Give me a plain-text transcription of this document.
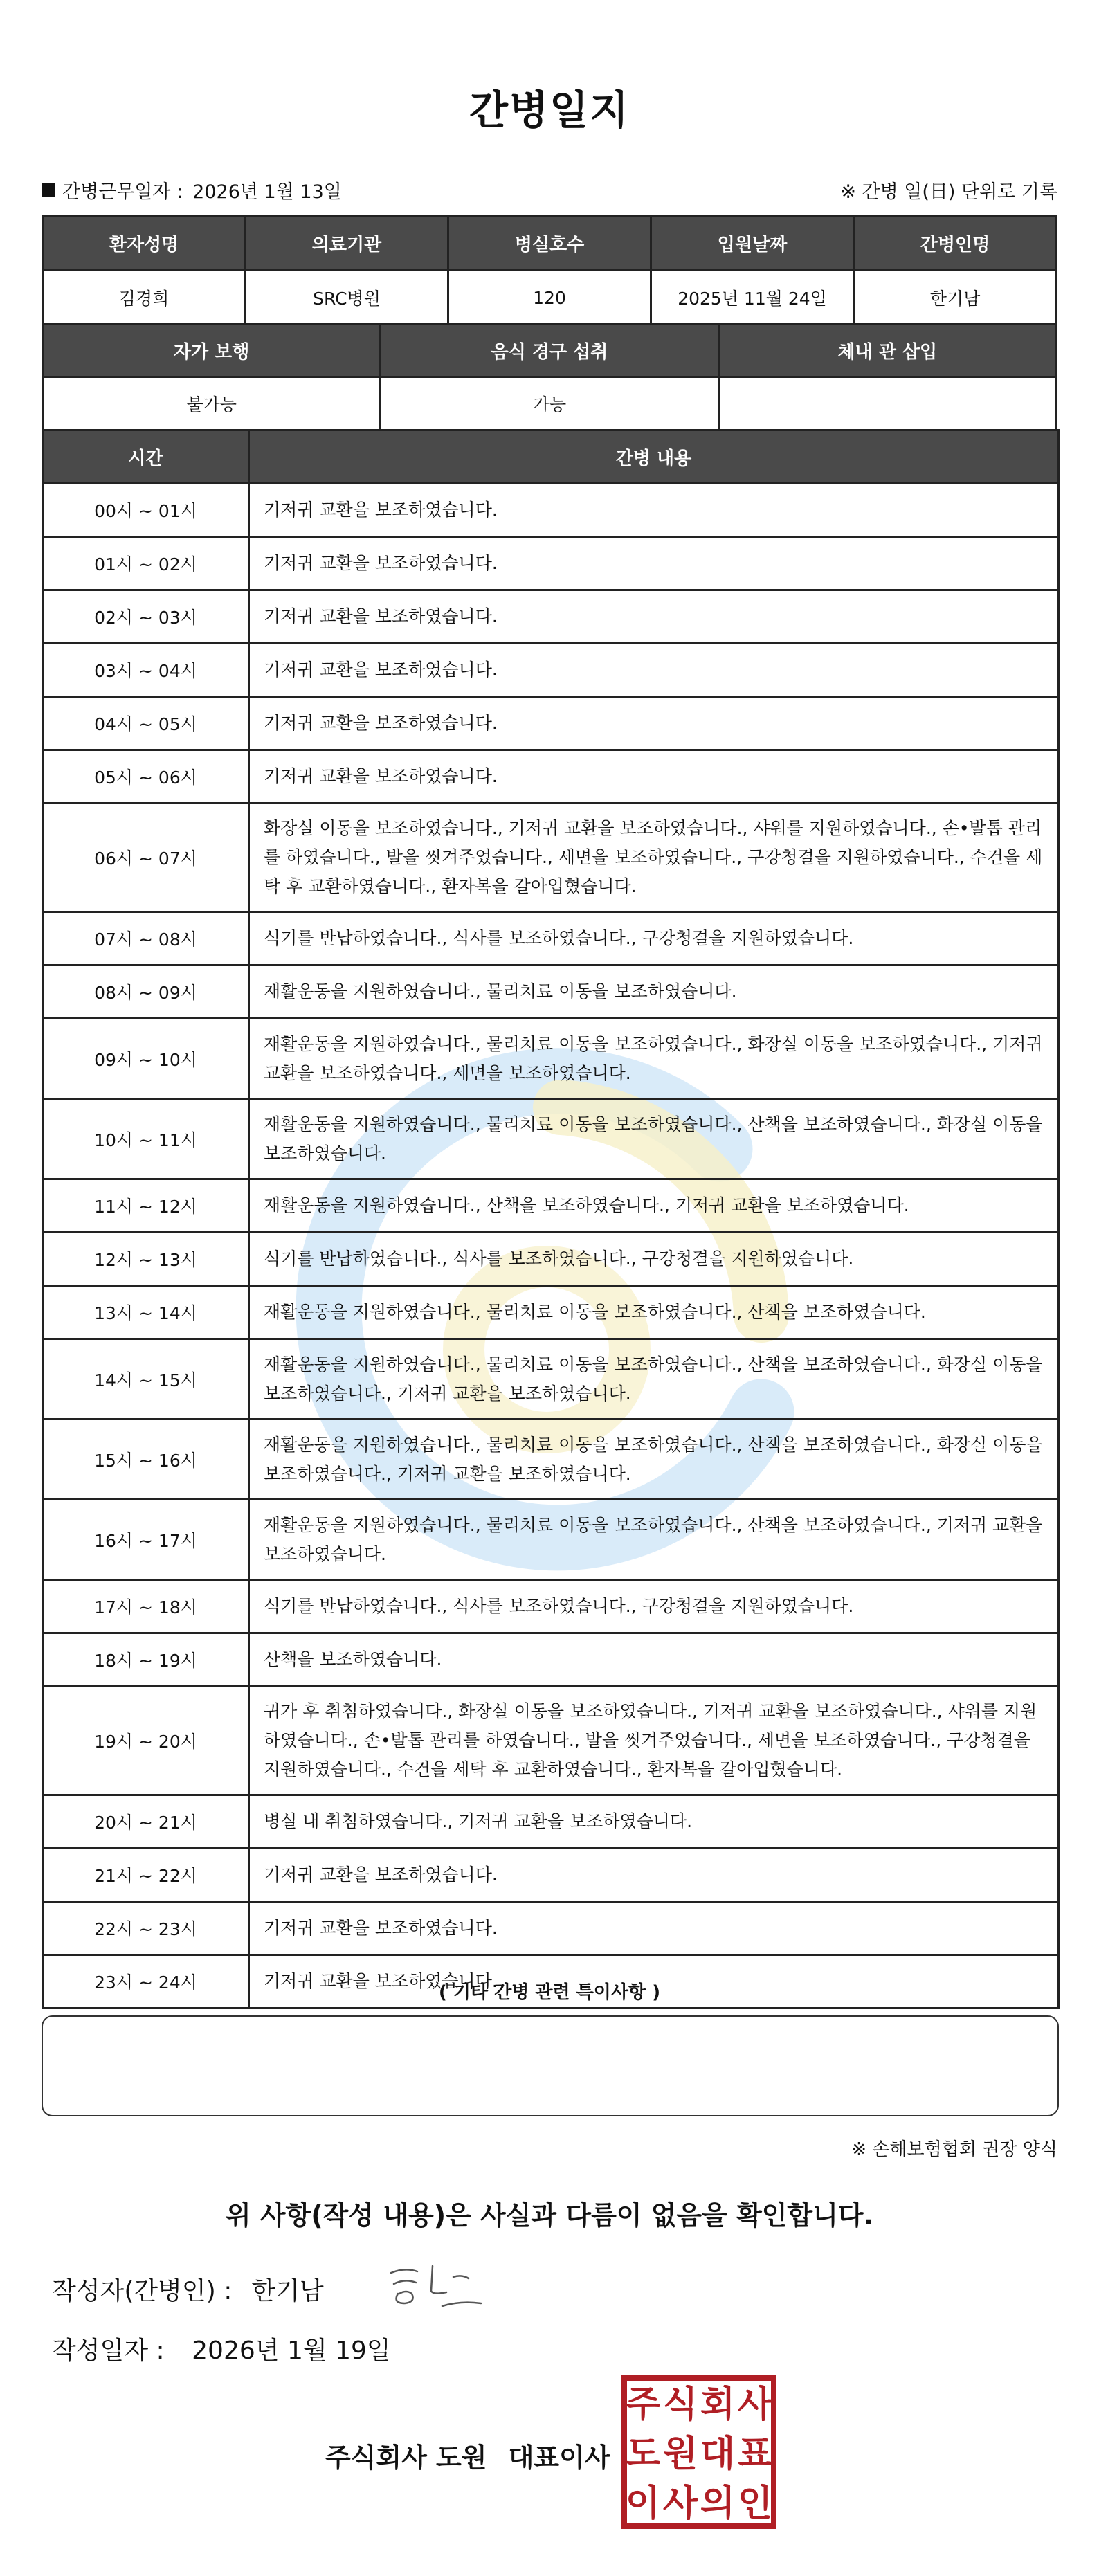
간병일지
간병근무일자 : 2026년 1월 13일	※ 간병 일(日) 단위로 기록
환자성명	의료기관	병실호수	입원날짜	간병인명
김경희	SRC병원	120	2025년 11월 24일	한기남
자가 보행	음식 경구 섭취	체내 관 삽입
불가능	가능	
시간	간병 내용
00시 ~ 01시	기저귀 교환을 보조하였습니다.
01시 ~ 02시	기저귀 교환을 보조하였습니다.
02시 ~ 03시	기저귀 교환을 보조하였습니다.
03시 ~ 04시	기저귀 교환을 보조하였습니다.
04시 ~ 05시	기저귀 교환을 보조하였습니다.
05시 ~ 06시	기저귀 교환을 보조하였습니다.
06시 ~ 07시	화장실 이동을 보조하였습니다., 기저귀 교환을 보조하였습니다., 샤워를 지원하였습니다., 손•발톱 관리를 하였습니다., 발을 씻겨주었습니다., 세면을 보조하였습니다., 구강청결을 지원하였습니다., 수건을 세탁 후 교환하였습니다., 환자복을 갈아입혔습니다.
07시 ~ 08시	식기를 반납하였습니다., 식사를 보조하였습니다., 구강청결을 지원하였습니다.
08시 ~ 09시	재활운동을 지원하였습니다., 물리치료 이동을 보조하였습니다.
09시 ~ 10시	재활운동을 지원하였습니다., 물리치료 이동을 보조하였습니다., 화장실 이동을 보조하였습니다., 기저귀 교환을 보조하였습니다., 세면을 보조하였습니다.
10시 ~ 11시	재활운동을 지원하였습니다., 물리치료 이동을 보조하였습니다., 산책을 보조하였습니다., 화장실 이동을 보조하였습니다.
11시 ~ 12시	재활운동을 지원하였습니다., 산책을 보조하였습니다., 기저귀 교환을 보조하였습니다.
12시 ~ 13시	식기를 반납하였습니다., 식사를 보조하였습니다., 구강청결을 지원하였습니다.
13시 ~ 14시	재활운동을 지원하였습니다., 물리치료 이동을 보조하였습니다., 산책을 보조하였습니다.
14시 ~ 15시	재활운동을 지원하였습니다., 물리치료 이동을 보조하였습니다., 산책을 보조하였습니다., 화장실 이동을 보조하였습니다., 기저귀 교환을 보조하였습니다.
15시 ~ 16시	재활운동을 지원하였습니다., 물리치료 이동을 보조하였습니다., 산책을 보조하였습니다., 화장실 이동을 보조하였습니다., 기저귀 교환을 보조하였습니다.
16시 ~ 17시	재활운동을 지원하였습니다., 물리치료 이동을 보조하였습니다., 산책을 보조하였습니다., 기저귀 교환을 보조하였습니다.
17시 ~ 18시	식기를 반납하였습니다., 식사를 보조하였습니다., 구강청결을 지원하였습니다.
18시 ~ 19시	산책을 보조하였습니다.
19시 ~ 20시	귀가 후 취침하였습니다., 화장실 이동을 보조하였습니다., 기저귀 교환을 보조하였습니다., 샤워를 지원하였습니다., 손•발톱 관리를 하였습니다., 발을 씻겨주었습니다., 세면을 보조하였습니다., 구강청결을 지원하였습니다., 수건을 세탁 후 교환하였습니다., 환자복을 갈아입혔습니다.
20시 ~ 21시	병실 내 취침하였습니다., 기저귀 교환을 보조하였습니다.
21시 ~ 22시	기저귀 교환을 보조하였습니다.
22시 ~ 23시	기저귀 교환을 보조하였습니다.
23시 ~ 24시	기저귀 교환을 보조하였습니다.
( 기타 간병 관련 특이사항 )
※ 손해보험협회 권장 양식
위 사항(작성 내용)은 사실과 다름이 없음을 확인합니다.
작성자(간병인) : 한기남
작성일자 : 2026년 1월 19일
주식회사 도원 대표이사
주 식 회 사
도 원 대 표
이 사 의 인
